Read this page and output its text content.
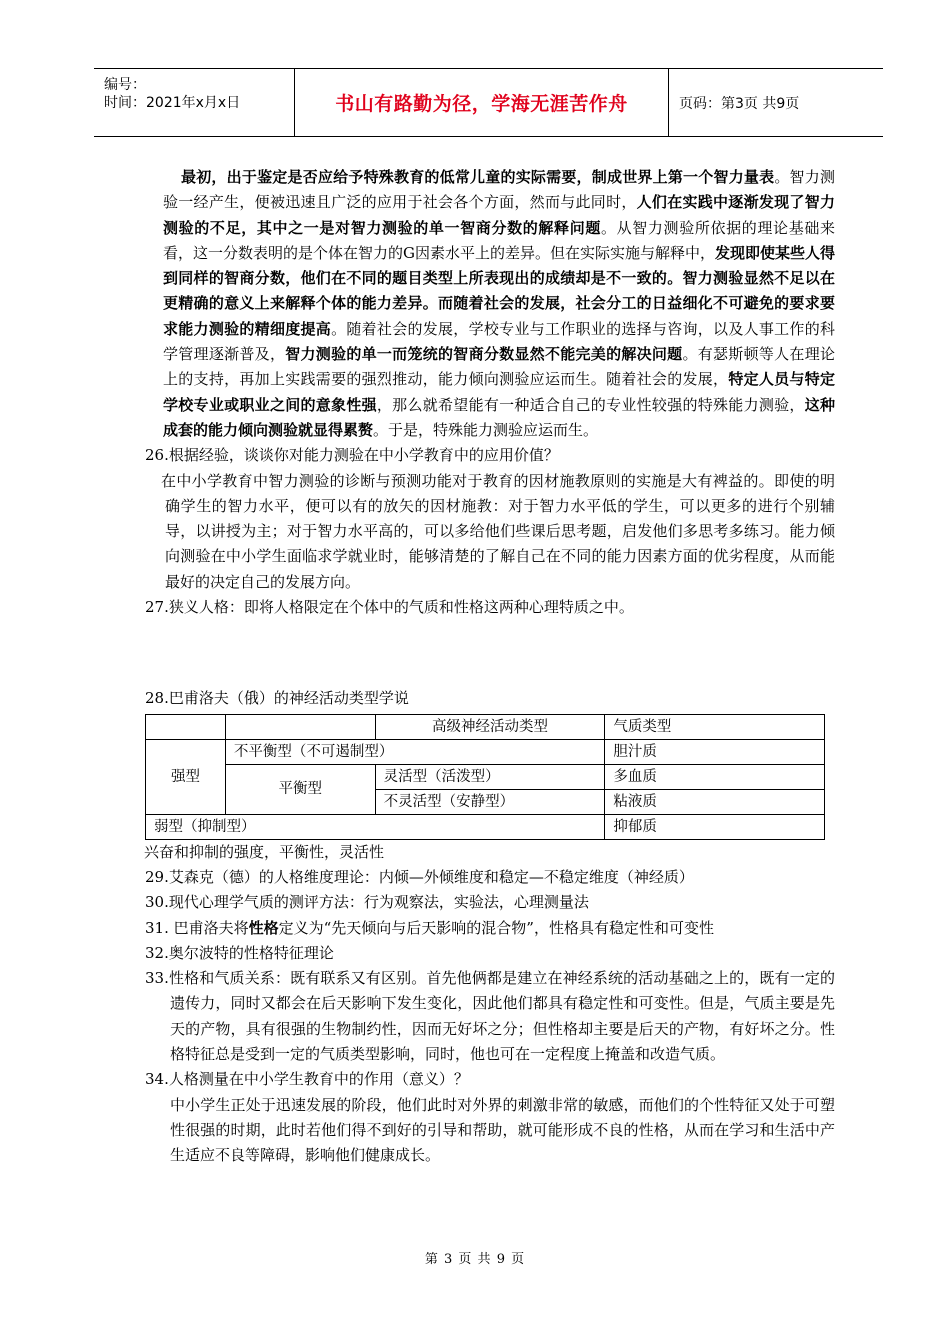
编号：
时间：2021年x月x日	书山有路勤为径，学海无涯苦作舟	页码：第3页 共9页

最初，出于鉴定是否应给予特殊教育的低常儿童的实际需要，制成世界上第一个智力量表。智力测验一经产生，便被迅速且广泛的应用于社会各个方面，然而与此同时，人们在实践中逐渐发现了智力测验的不足，其中之一是对智力测验的单一智商分数的解释问题。从智力测验所依据的理论基础来看，这一分数表明的是个体在智力的G因素水平上的差异。但在实际实施与解释中，发现即使某些人得到同样的智商分数，他们在不同的题目类型上所表现出的成绩却是不一致的。智力测验显然不足以在更精确的意义上来解释个体的能力差异。而随着社会的发展，社会分工的日益细化不可避免的要求要求能力测验的精细度提高。随着社会的发展，学校专业与工作职业的选择与咨询，以及人事工作的科学管理逐渐普及，智力测验的单一而笼统的智商分数显然不能完美的解决问题。有瑟斯顿等人在理论上的支持，再加上实践需要的强烈推动，能力倾向测验应运而生。随着社会的发展，特定人员与特定学校专业或职业之间的意象性强，那么就希望能有一种适合自己的专业性较强的特殊能力测验，这种成套的能力倾向测验就显得累赘。于是，特殊能力测验应运而生。

26.根据经验，谈谈你对能力测验在中小学教育中的应用价值？

在中小学教育中智力测验的诊断与预测功能对于教育的因材施教原则的实施是大有裨益的。即使的明确学生的智力水平，便可以有的放矢的因材施教：对于智力水平低的学生，可以更多的进行个别辅导，以讲授为主；对于智力水平高的，可以多给他们些课后思考题，启发他们多思考多练习。能力倾向测验在中小学生面临求学就业时，能够清楚的了解自己在不同的能力因素方面的优劣程度，从而能最好的决定自己的发展方向。

27.狭义人格：即将人格限定在个体中的气质和性格这两种心理特质之中。

28.巴甫洛夫（俄）的神经活动类型学说

		高级神经活动类型	气质类型
强型	不平衡型（不可遏制型）		胆汁质
	平衡型	灵活型（活泼型）	多血质
		不灵活型（安静型）	粘液质
弱型（抑制型）			抑郁质

兴奋和抑制的强度，平衡性，灵活性

29.艾森克（德）的人格维度理论：内倾—外倾维度和稳定—不稳定维度（神经质）

30.现代心理学气质的测评方法：行为观察法，实验法，心理测量法

31. 巴甫洛夫将性格定义为“先天倾向与后天影响的混合物”，性格具有稳定性和可变性

32.奥尔波特的性格特征理论

33.性格和气质关系：既有联系又有区别。首先他俩都是建立在神经系统的活动基础之上的，既有一定的遗传力，同时又都会在后天影响下发生变化，因此他们都具有稳定性和可变性。但是，气质主要是先天的产物，具有很强的生物制约性，因而无好坏之分；但性格却主要是后天的产物，有好坏之分。性格特征总是受到一定的气质类型影响，同时，他也可在一定程度上掩盖和改造气质。

34.人格测量在中小学生教育中的作用（意义）？

中小学生正处于迅速发展的阶段，他们此时对外界的刺激非常的敏感，而他们的个性特征又处于可塑性很强的时期，此时若他们得不到好的引导和帮助，就可能形成不良的性格，从而在学习和生活中产生适应不良等障碍，影响他们健康成长。

第 3 页 共 9 页
